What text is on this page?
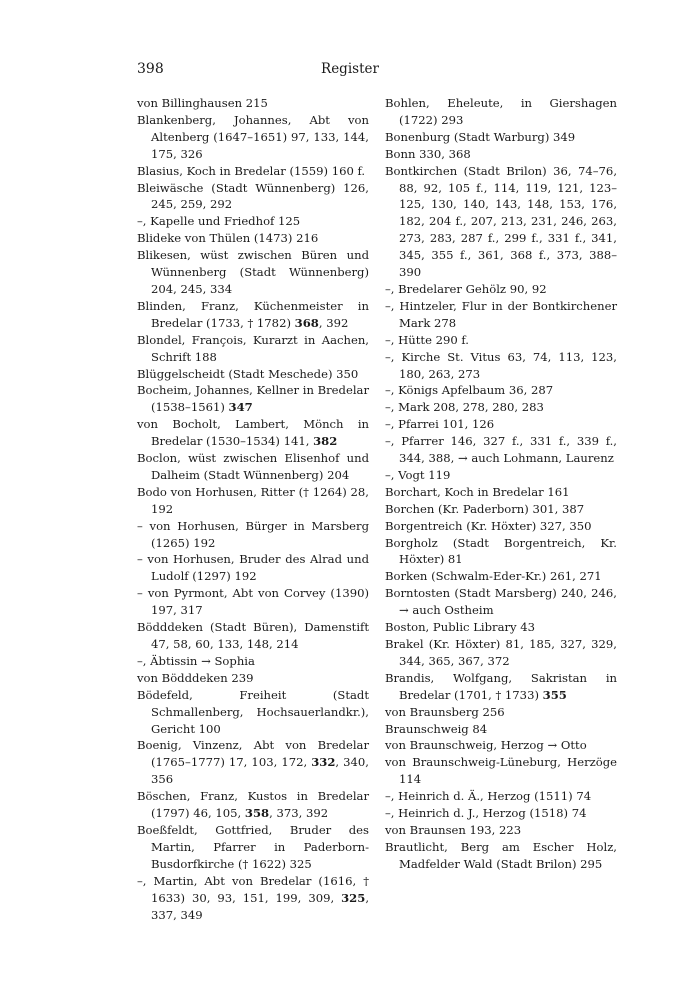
398	Register

von Billinghausen 215

Blankenberg, Johannes, Abt von Altenberg (1647–1651) 97, 133, 144, 175, 326

Blasius, Koch in Bredelar (1559) 160 f.

Bleiwäsche (Stadt Wünnenberg) 126, 245, 259, 292

–, Kapelle und Friedhof 125

Blideke von Thülen (1473) 216

Blikesen, wüst zwischen Büren und Wünnenberg (Stadt Wünnenberg) 204, 245, 334

Blinden, Franz, Küchenmeister in Bredelar (1733, † 1782) 368, 392

Blondel, François, Kurarzt in Aachen, Schrift 188

Blüggelscheidt (Stadt Meschede) 350

Bocheim, Johannes, Kellner in Bredelar (1538–1561) 347

von Bocholt, Lambert, Mönch in Bredelar (1530–1534) 141, 382

Boclon, wüst zwischen Elisenhof und Dalheim (Stadt Wünnenberg) 204

Bodo von Horhusen, Ritter († 1264) 28, 192

– von Horhusen, Bürger in Marsberg (1265) 192

– von Horhusen, Bruder des Alrad und Ludolf (1297) 192

– von Pyrmont, Abt von Corvey (1390) 197, 317

Bödddeken (Stadt Büren), Damenstift 47, 58, 60, 133, 148, 214

–, Äbtissin → Sophia

von Bödddeken 239

Bödefeld, Freiheit (Stadt Schmallenberg, Hochsauerlandkr.), Gericht 100

Boenig, Vinzenz, Abt von Bredelar (1765–1777) 17, 103, 172, 332, 340, 356

Böschen, Franz, Kustos in Bredelar (1797) 46, 105, 358, 373, 392

Boeßfeldt, Gottfried, Bruder des Martin, Pfarrer in Paderborn-Busdorfkirche († 1622) 325

–, Martin, Abt von Bredelar (1616, † 1633) 30, 93, 151, 199, 309, 325, 337, 349

Bohlen, Eheleute, in Giershagen (1722) 293

Bonenburg (Stadt Warburg) 349

Bonn 330, 368

Bontkirchen (Stadt Brilon) 36, 74–76, 88, 92, 105 f., 114, 119, 121, 123–125, 130, 140, 143, 148, 153, 176, 182, 204 f., 207, 213, 231, 246, 263, 273, 283, 287 f., 299 f., 331 f., 341, 345, 355 f., 361, 368 f., 373, 388–390

–, Bredelarer Gehölz 90, 92

–, Hintzeler, Flur in der Bontkirchener Mark 278

–, Hütte 290 f.

–, Kirche St. Vitus 63, 74, 113, 123, 180, 263, 273

–, Königs Apfelbaum 36, 287

–, Mark 208, 278, 280, 283

–, Pfarrei 101, 126

–, Pfarrer 146, 327 f., 331 f., 339 f., 344, 388, → auch Lohmann, Laurenz

–, Vogt 119

Borchart, Koch in Bredelar 161

Borchen (Kr. Paderborn) 301, 387

Borgentreich (Kr. Höxter) 327, 350

Borgholz (Stadt Borgentreich, Kr. Höxter) 81

Borken (Schwalm-Eder-Kr.) 261, 271

Borntosten (Stadt Marsberg) 240, 246, → auch Ostheim

Boston, Public Library 43

Brakel (Kr. Höxter) 81, 185, 327, 329, 344, 365, 367, 372

Brandis, Wolfgang, Sakristan in Bredelar (1701, † 1733) 355

von Braunsberg 256

Braunschweig 84

von Braunschweig, Herzog → Otto

von Braunschweig-Lüneburg, Herzöge 114

–, Heinrich d. Ä., Herzog (1511) 74

–, Heinrich d. J., Herzog (1518) 74

von Braunsen 193, 223

Brautlicht, Berg am Escher Holz, Madfelder Wald (Stadt Brilon) 295
